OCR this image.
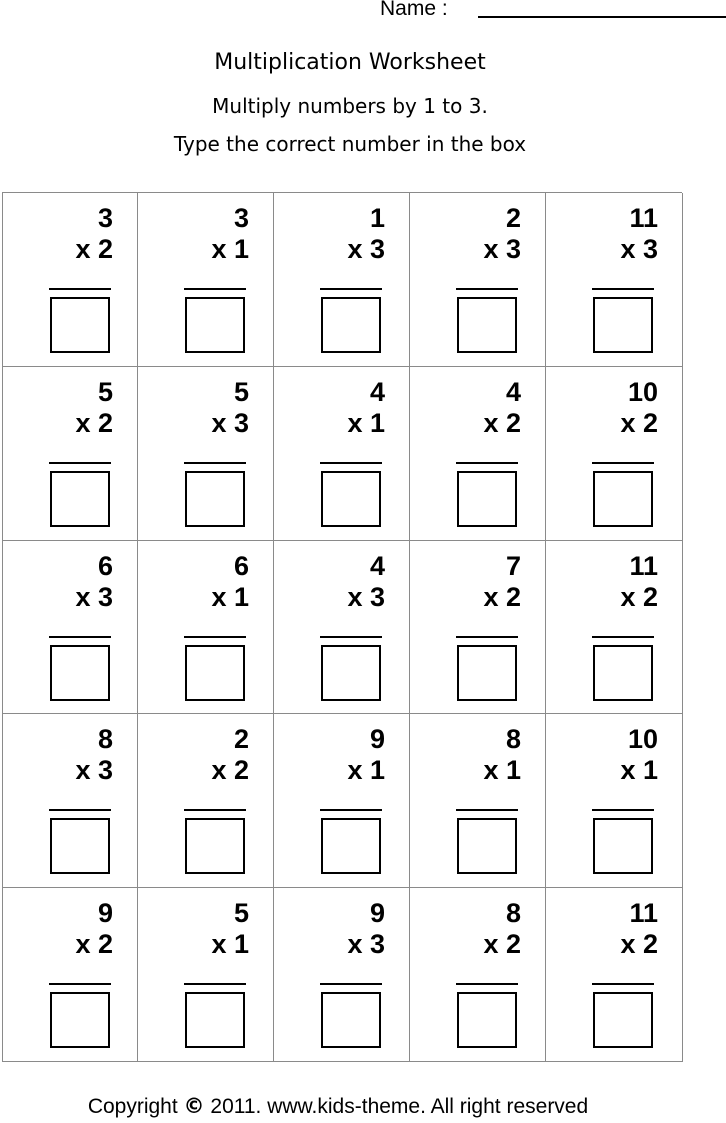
Name :
Multiplication Worksheet
Multiply numbers by 1 to 3.
Type the correct number in the box
3
x 2
3
x 1
1
x 3
2
x 3
11
x 3
5
x 2
5
x 3
4
x 1
4
x 2
10
x 2
6
x 3
6
x 1
4
x 3
7
x 2
11
x 2
8
x 3
2
x 2
9
x 1
8
x 1
10
x 1
9
x 2
5
x 1
9
x 3
8
x 2
11
x 2
Copyright © 2011. www.kids-theme. All right reserved
